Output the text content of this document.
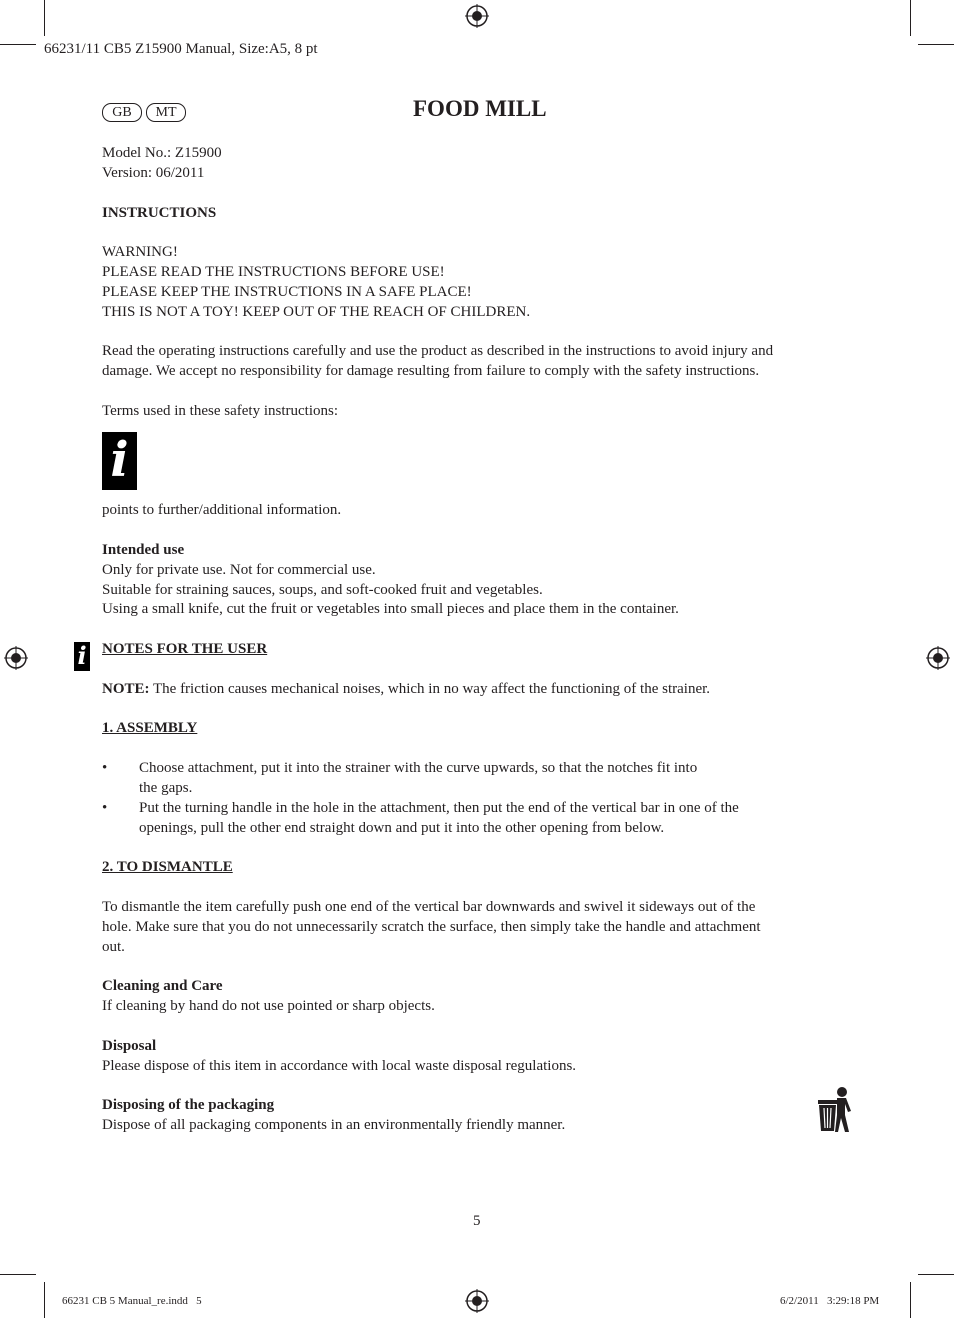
66231/11 CB5 Z15900 Manual, Size:A5, 8 pt
GB	MT	FOOD MILL
Model No.: Z15900
Version: 06/2011
INSTRUCTIONS
WARNING!
PLEASE READ THE INSTRUCTIONS BEFORE USE!
PLEASE KEEP THE INSTRUCTIONS IN A SAFE PLACE!
THIS IS NOT A TOY! KEEP OUT OF THE REACH OF CHILDREN.
Read the operating instructions carefully and use the product as described in the instructions to avoid injury and
damage. We accept no responsibility for damage resulting from failure to comply with the safety instructions.
Terms used in these safety instructions:
i
points to further/additional information.
Intended use
Only for private use. Not for commercial use.
Suitable for straining sauces, soups, and soft-cooked fruit and vegetables.
Using a small knife, cut the fruit or vegetables into small pieces and place them in the container.
i NOTES FOR THE USER
NOTE: The friction causes mechanical noises, which in no way affect the functioning of the strainer.
1. ASSEMBLY
• Choose attachment, put it into the strainer with the curve upwards, so that the notches fit into
the gaps.
• Put the turning handle in the hole in the attachment, then put the end of the vertical bar in one of the
openings, pull the other end straight down and put it into the other opening from below.
2. TO DISMANTLE
To dismantle the item carefully push one end of the vertical bar downwards and swivel it sideways out of the
hole. Make sure that you do not unnecessarily scratch the surface, then simply take the handle and attachment
out.
Cleaning and Care
If cleaning by hand do not use pointed or sharp objects.
Disposal
Please dispose of this item in accordance with local waste disposal regulations.
Disposing of the packaging
Dispose of all packaging components in an environmentally friendly manner.
5
66231 CB 5 Manual_re.indd   5	6/2/2011   3:29:18 PM
